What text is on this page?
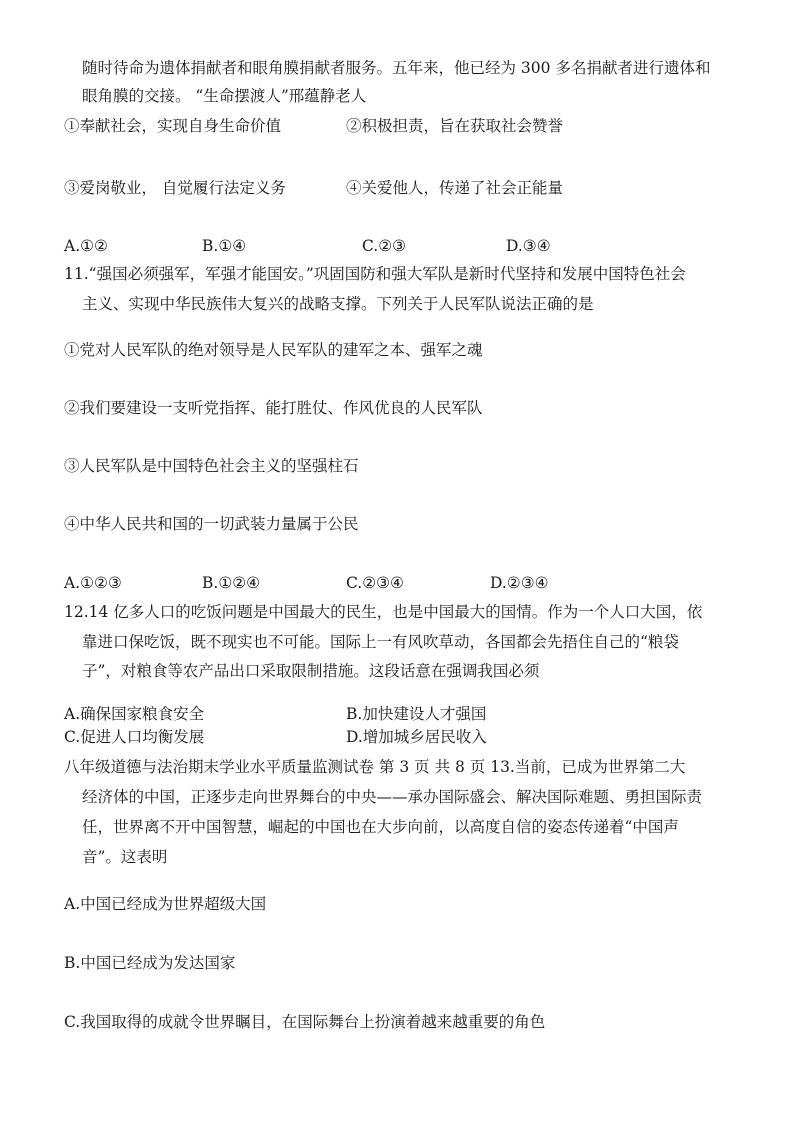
随时待命为遗体捐献者和眼角膜捐献者服务。五年来，他已经为 300 多名捐献者进行遗体和
眼角膜的交接。 “生命摆渡人”邢蕴静老人
①奉献社会，实现自身生命价值	②积极担责，旨在获取社会赞誉
③爱岗敬业， 自觉履行法定义务	④关爱他人，传递了社会正能量
A.①②	B.①④	C.②③	D.③④
11.“强国必须强军，军强才能国安。”巩固国防和强大军队是新时代坚持和发展中国特色社会
主义、实现中华民族伟大复兴的战略支撑。下列关于人民军队说法正确的是
①党对人民军队的绝对领导是人民军队的建军之本、强军之魂
②我们要建设一支听党指挥、能打胜仗、作风优良的人民军队
③人民军队是中国特色社会主义的坚强柱石
④中华人民共和国的一切武装力量属于公民
A.①②③	B.①②④	C.②③④	D.②③④
12.14 亿多人口的吃饭问题是中国最大的民生，也是中国最大的国情。作为一个人口大国，依
靠进口保吃饭，既不现实也不可能。国际上一有风吹草动，各国都会先捂住自己的“粮袋
子”，对粮食等农产品出口采取限制措施。这段话意在强调我国必须
A.确保国家粮食安全	B.加快建设人才强国
C.促进人口均衡发展	D.增加城乡居民收入
八年级道德与法治期末学业水平质量监测试卷 第 3 页 共 8 页 13.当前，已成为世界第二大
经济体的中国，正逐步走向世界舞台的中央——承办国际盛会、解决国际难题、勇担国际责
任，世界离不开中国智慧，崛起的中国也在大步向前，以高度自信的姿态传递着“中国声
音”。这表明
A.中国已经成为世界超级大国
B.中国已经成为发达国家
C.我国取得的成就令世界瞩目，在国际舞台上扮演着越来越重要的角色
